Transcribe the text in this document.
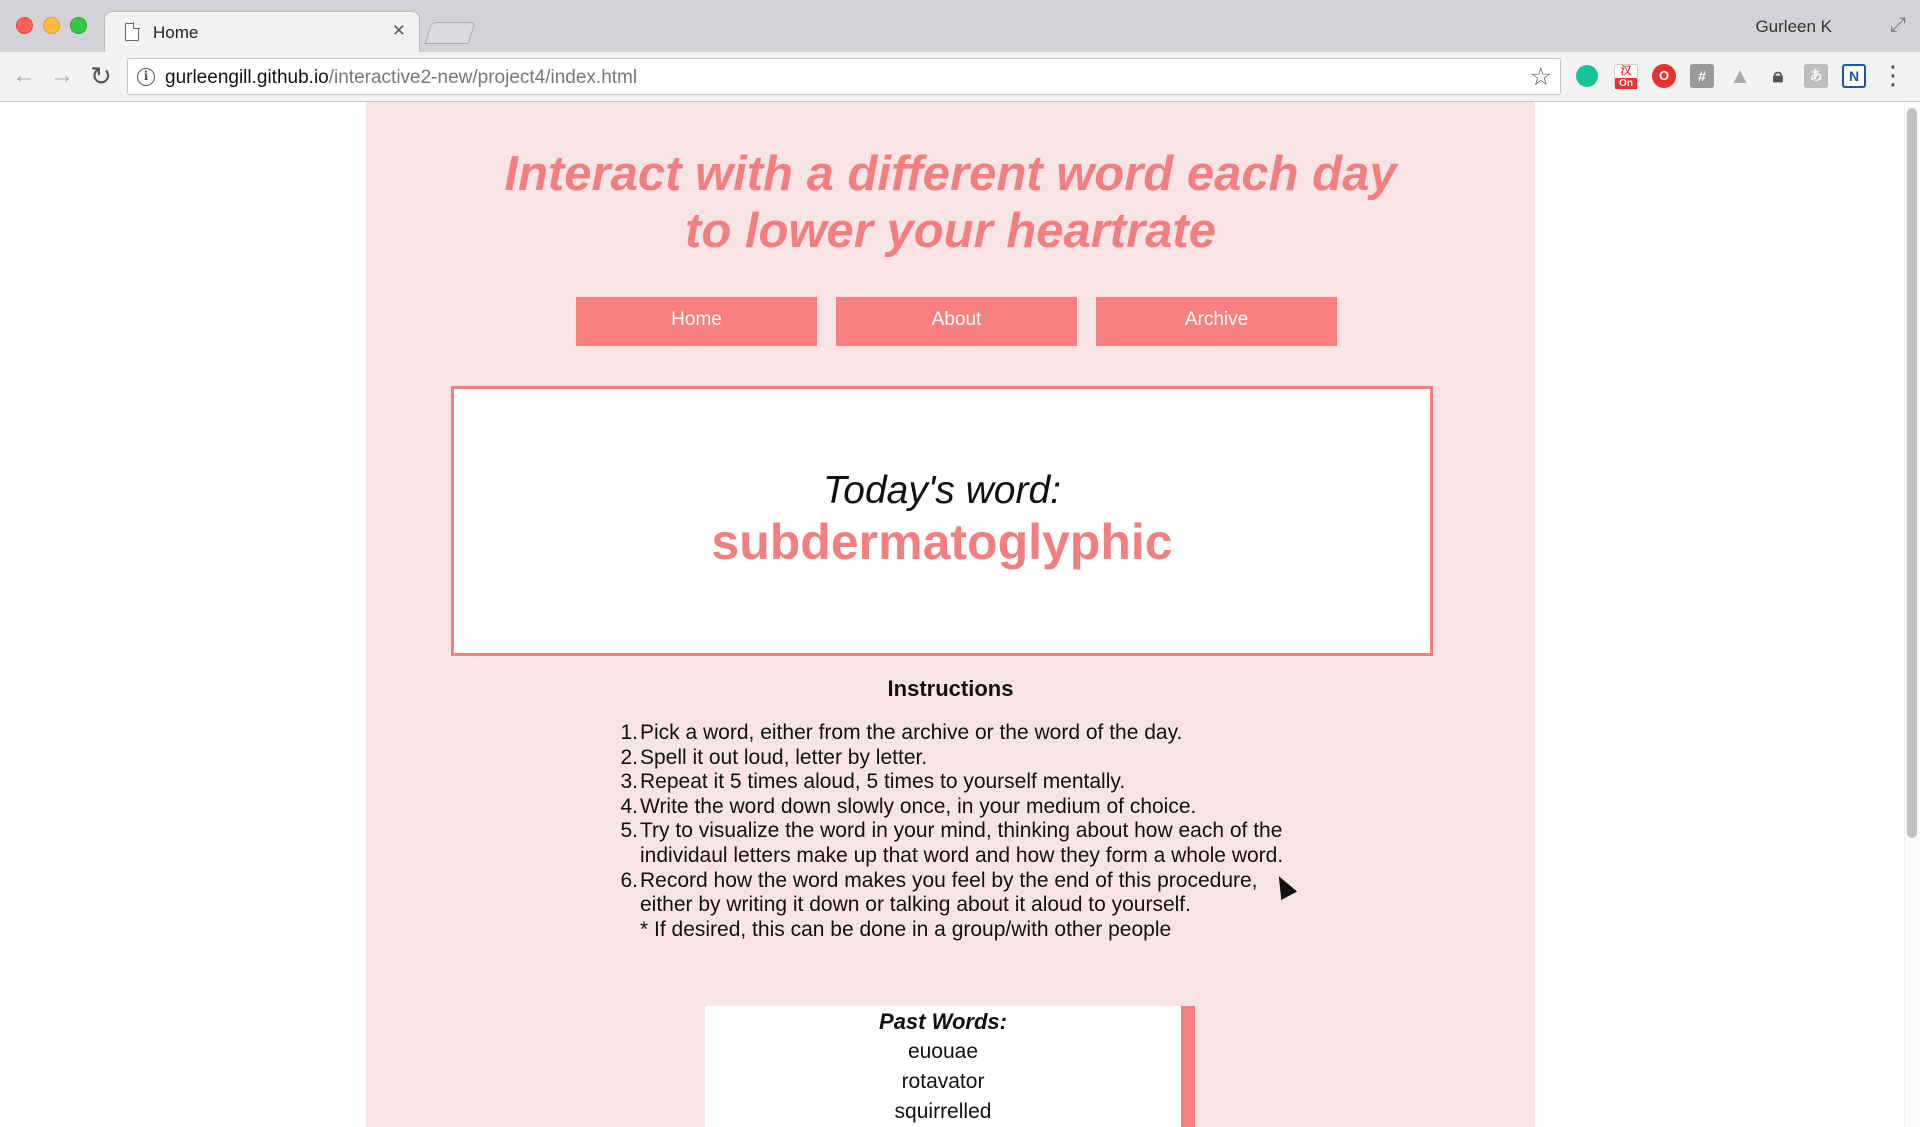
Home	×	Gurleen K	⤢
← → ↻	i gurleengill.github.io/interactive2-new/project4/index.html	☆	汉
On
O	#	▲	🔒︎	あ	N ⋮
Interact with a different word each day
to lower your heartrate
Home	About	Archive
Today's word:
subdermatoglyphic
Instructions
1. Pick a word, either from the archive or the word of the day.
2. Spell it out loud, letter by letter.
3. Repeat it 5 times aloud, 5 times to yourself mentally.
4. Write the word down slowly once, in your medium of choice.
5. Try to visualize the word in your mind, thinking about how each of the individaul letters make up that word and how they form a whole word.
6. Record how the word makes you feel by the end of this procedure, either by writing it down or talking about it aloud to yourself.
* If desired, this can be done in a group/with other people
Past Words:
euouae
rotavator
squirrelled
